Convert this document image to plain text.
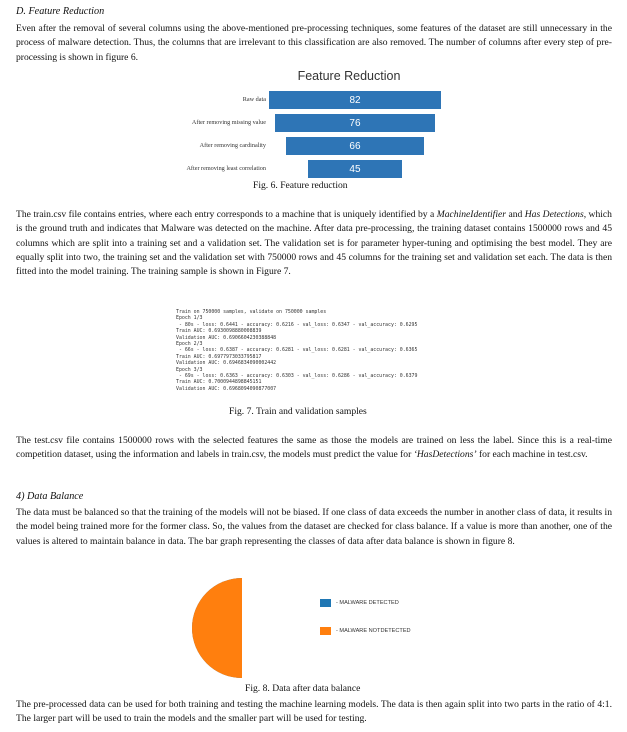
D. Feature Reduction

Even after the removal of several columns using the above-mentioned pre-processing techniques, some features of the dataset are still unnecessary in the process of malware detection. Thus, the columns that are irrelevant to this classification are also removed. The number of columns after every step of pre-processing is shown in figure 6.

Feature Reduction
Raw data	82
After removing missing value	76
After removing cardinality	66
After removing least correlation	45

Fig. 6. Feature reduction

The train.csv file contains entries, where each entry corresponds to a machine that is uniquely identified by a MachineIdentifier and Has Detections, which is the ground truth and indicates that Malware was detected on the machine. After data pre-processing, the training dataset contains 1500000 rows and 45 columns which are split into a training set and a validation set. The validation set is for parameter hyper-tuning and optimising the best model. They are equally split into two, the training set and the validation set with 750000 rows and 45 columns for the training set and validation set each. The data is then fitted into the model training. The training sample is shown in Figure 7.

Train on 750000 samples, validate on 750000 samples
Epoch 1/3
- 80s - loss: 0.6441 - accuracy: 0.6216 - val_loss: 0.6347 - val_accuracy: 0.6295
Train AUC: 0.6930098880008839
Validation AUC: 0.6906604230388848
Epoch 2/3
- 66s - loss: 0.6387 - accuracy: 0.6281 - val_loss: 0.6281 - val_accuracy: 0.6365
Train AUC: 0.6977973033795817
Validation AUC: 0.6946834090002442
Epoch 3/3
- 69s - loss: 0.6363 - accuracy: 0.6303 - val_loss: 0.6286 - val_accuracy: 0.6379
Train AUC: 0.7000944898845151
Validation AUC: 0.6968094090877007

Fig. 7. Train and validation samples

The test.csv file contains 1500000 rows with the selected features the same as those the models are trained on less the label. Since this is a real-time competition dataset, using the information and labels in train.csv, the models must predict the value for ‘HasDetections’ for each machine in test.csv.

4) Data Balance

The data must be balanced so that the training of the models will not be biased. If one class of data exceeds the number in another class of data, it results in the model being trained more for the former class. So, the values from the dataset are checked for class balance. If a value is more than another, one of the values is altered to maintain balance in data. The bar graph representing the classes of data after data balance is shown in figure 8.

50.0%
- MALWARE DETECTED
- MALWARE NOTDETECTED

Fig. 8. Data after data balance

The pre-processed data can be used for both training and testing the machine learning models. The data is then again split into two parts in the ratio of 4:1. The larger part will be used to train the models and the smaller part will be used for testing.
